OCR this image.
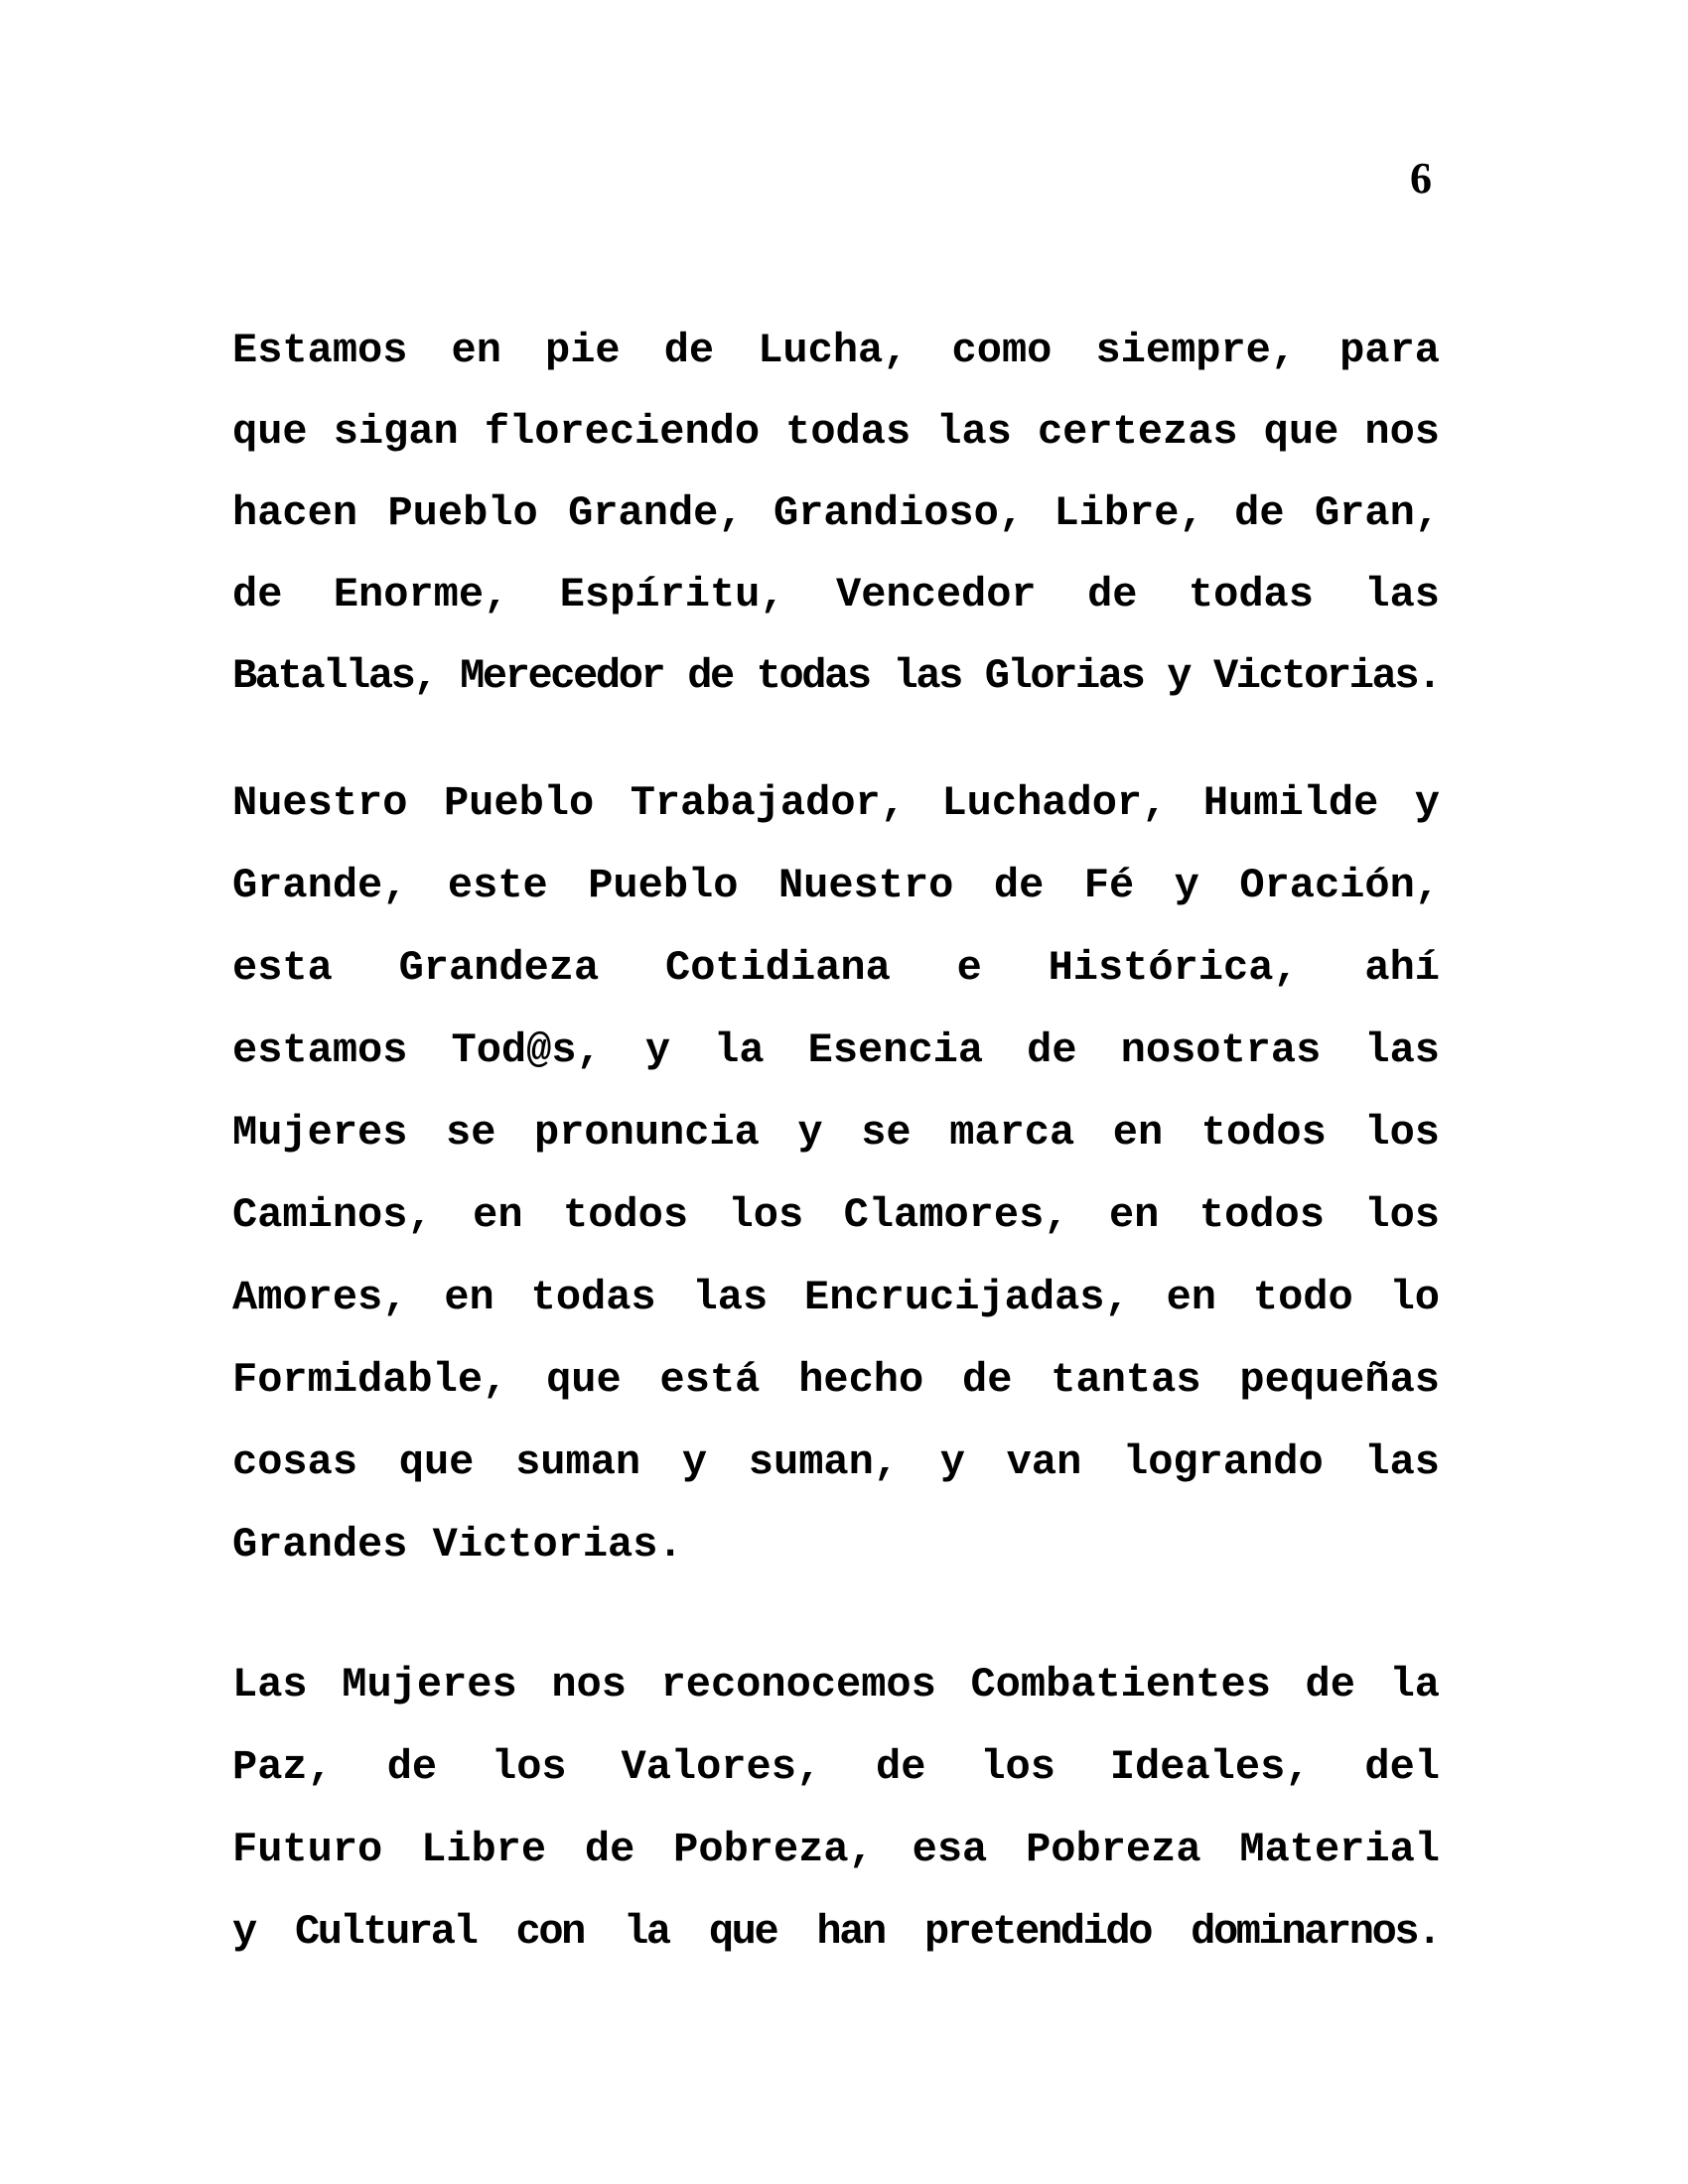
6
Estamos en pie de Lucha, como siempre, para
que sigan floreciendo todas las certezas que nos
hacen Pueblo Grande, Grandioso, Libre, de Gran,
de Enorme, Espíritu, Vencedor de todas las
Batallas, Merecedor de todas las Glorias y Victorias.
Nuestro Pueblo Trabajador, Luchador, Humilde y
Grande, este Pueblo Nuestro de Fé y Oración,
esta Grandeza Cotidiana e Histórica, ahí
estamos Tod@s, y la Esencia de nosotras las
Mujeres se pronuncia y se marca en todos los
Caminos, en todos los Clamores, en todos los
Amores, en todas las Encrucijadas, en todo lo
Formidable, que está hecho de tantas pequeñas
cosas que suman y suman, y van logrando las
Grandes Victorias.
Las Mujeres nos reconocemos Combatientes de la
Paz, de los Valores, de los Ideales, del
Futuro Libre de Pobreza, esa Pobreza Material
y Cultural con la que han pretendido dominarnos.
